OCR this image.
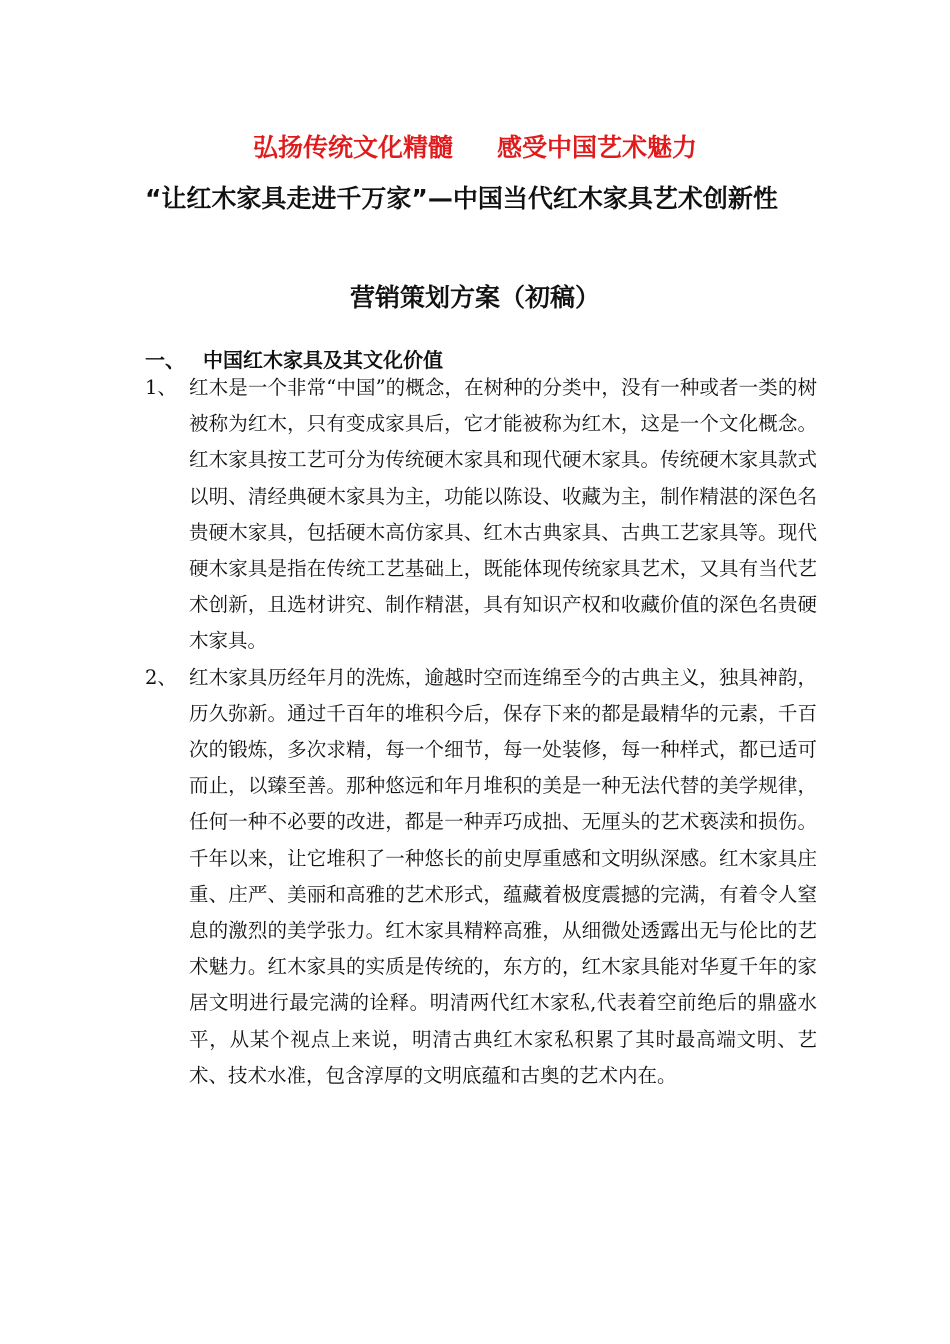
弘扬传统文化精髓 感受中国艺术魅力
“让红木家具走进千万家”—中国当代红木家具艺术创新性
营销策划方案（初稿）
一、 中国红木家具及其文化价值
1、 红木是一个非常“中国”的概念，在树种的分类中，没有一种或者一类的树被称为红木，只有变成家具后，它才能被称为红木，这是一个文化概念。红木家具按工艺可分为传统硬木家具和现代硬木家具。传统硬木家具款式以明、清经典硬木家具为主，功能以陈设、收藏为主，制作精湛的深色名贵硬木家具，包括硬木高仿家具、红木古典家具、古典工艺家具等。现代硬木家具是指在传统工艺基础上，既能体现传统家具艺术，又具有当代艺术创新，且选材讲究、制作精湛，具有知识产权和收藏价值的深色名贵硬木家具。
2、 红木家具历经年月的洗炼，逾越时空而连绵至今的古典主义，独具神韵，历久弥新。通过千百年的堆积今后，保存下来的都是最精华的元素，千百次的锻炼，多次求精，每一个细节，每一处装修，每一种样式，都已适可而止，以臻至善。那种悠远和年月堆积的美是一种无法代替的美学规律，任何一种不必要的改进，都是一种弄巧成拙、无厘头的艺术亵渎和损伤。千年以来，让它堆积了一种悠长的前史厚重感和文明纵深感。红木家具庄重、庄严、美丽和高雅的艺术形式，蕴藏着极度震撼的完满，有着令人窒息的激烈的美学张力。红木家具精粹高雅，从细微处透露出无与伦比的艺术魅力。红木家具的实质是传统的，东方的，红木家具能对华夏千年的家居文明进行最完满的诠释。明清两代红木家私,代表着空前绝后的鼎盛水平，从某个视点上来说，明清古典红木家私积累了其时最高端文明、艺术、技术水准，包含淳厚的文明底蕴和古奥的艺术内在。
